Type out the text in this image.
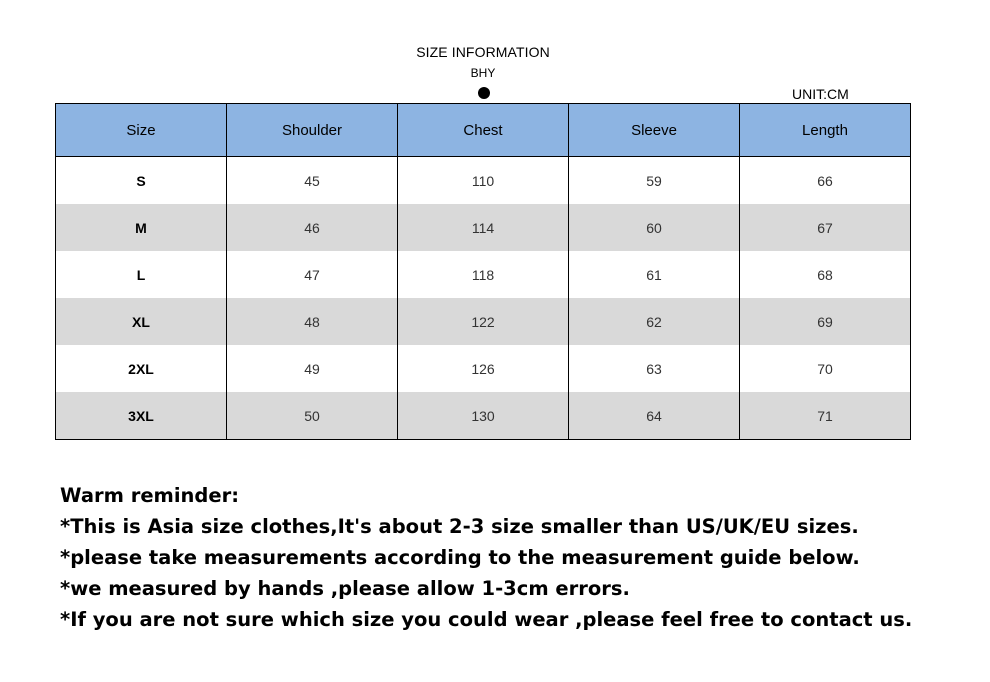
SIZE INFORMATION
BHY
UNIT:CM
Size	Shoulder	Chest	Sleeve	Length
S	45	110	59	66
M	46	114	60	67
L	47	118	61	68
XL	48	122	62	69
2XL	49	126	63	70
3XL	50	130	64	71
Warm reminder:
*This is Asia size clothes,It's about 2-3 size smaller than US/UK/EU sizes.
*please take measurements according to the measurement guide below.
*we measured by hands ,please allow 1-3cm errors.
*If you are not sure which size you could wear ,please feel free to contact us.
